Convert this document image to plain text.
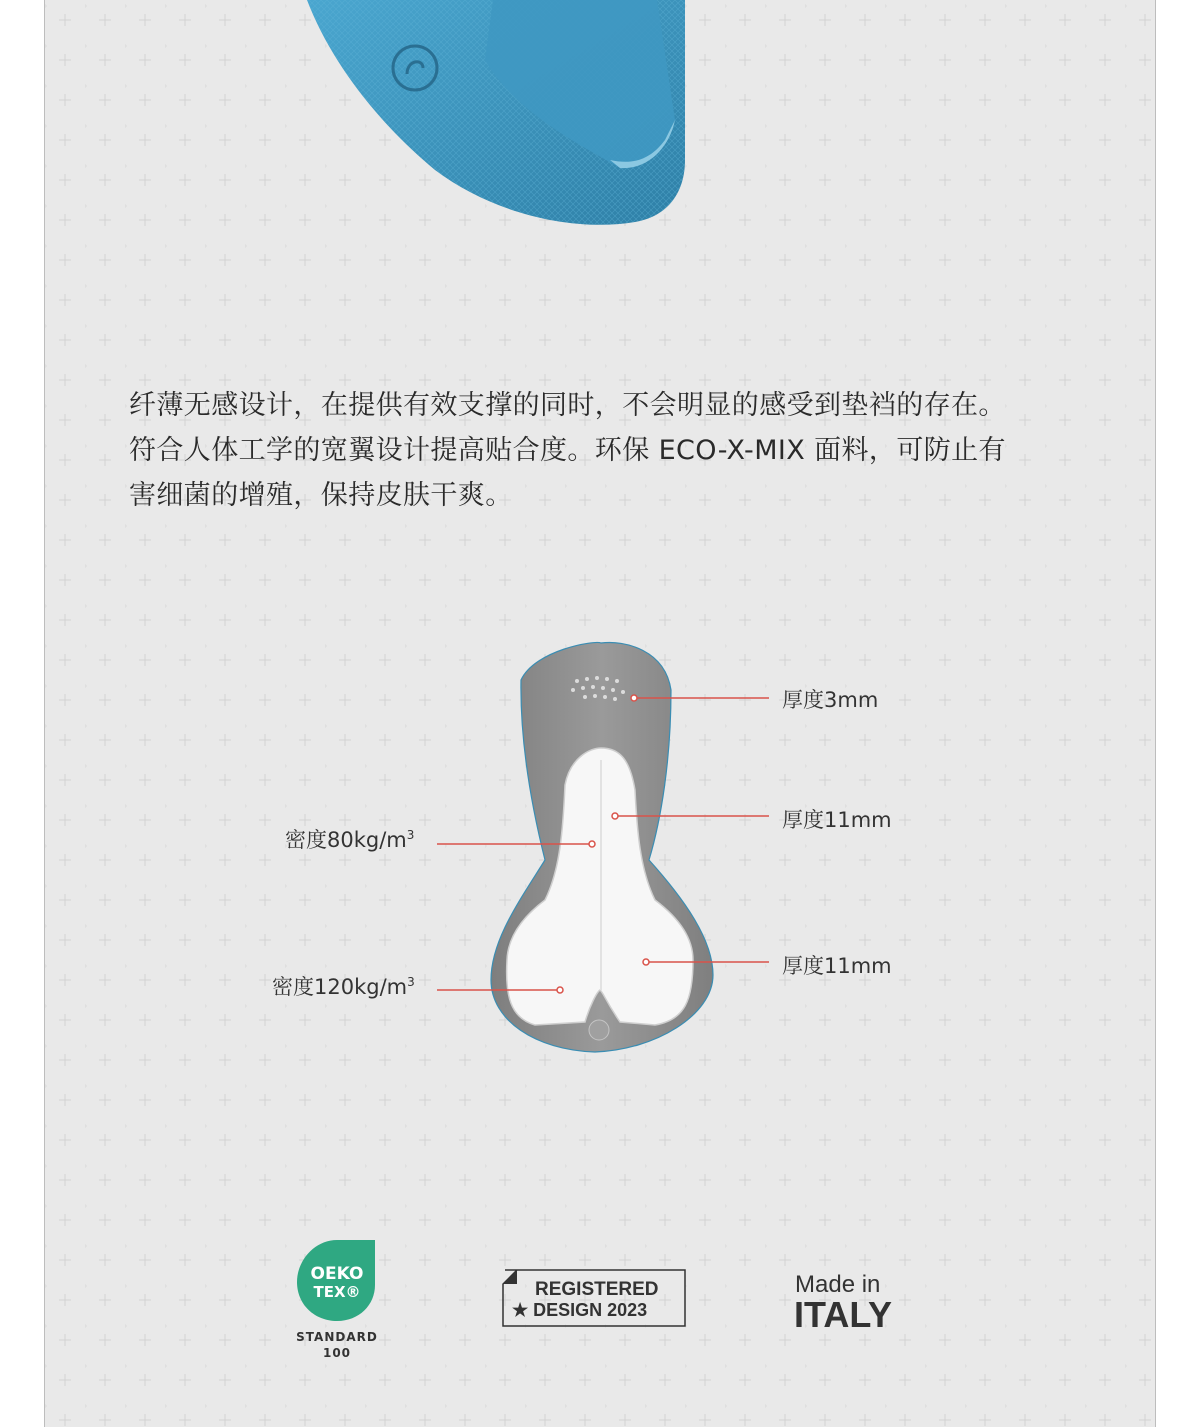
纤薄无感设计，在提供有效支撑的同时，不会明显的感受到垫裆的存在。
符合人体工学的宽翼设计提高贴合度。环保 ECO-X-MIX 面料，可防止有
害细菌的增殖，保持皮肤干爽。
厚度3mm
厚度11mm
厚度11mm
密度$80kg/m^3$
密度$120kg/m^3$
OEKO
TEX®
STANDARD
100
REGISTERED
★ DESIGN 2023
Made in
ITALY
